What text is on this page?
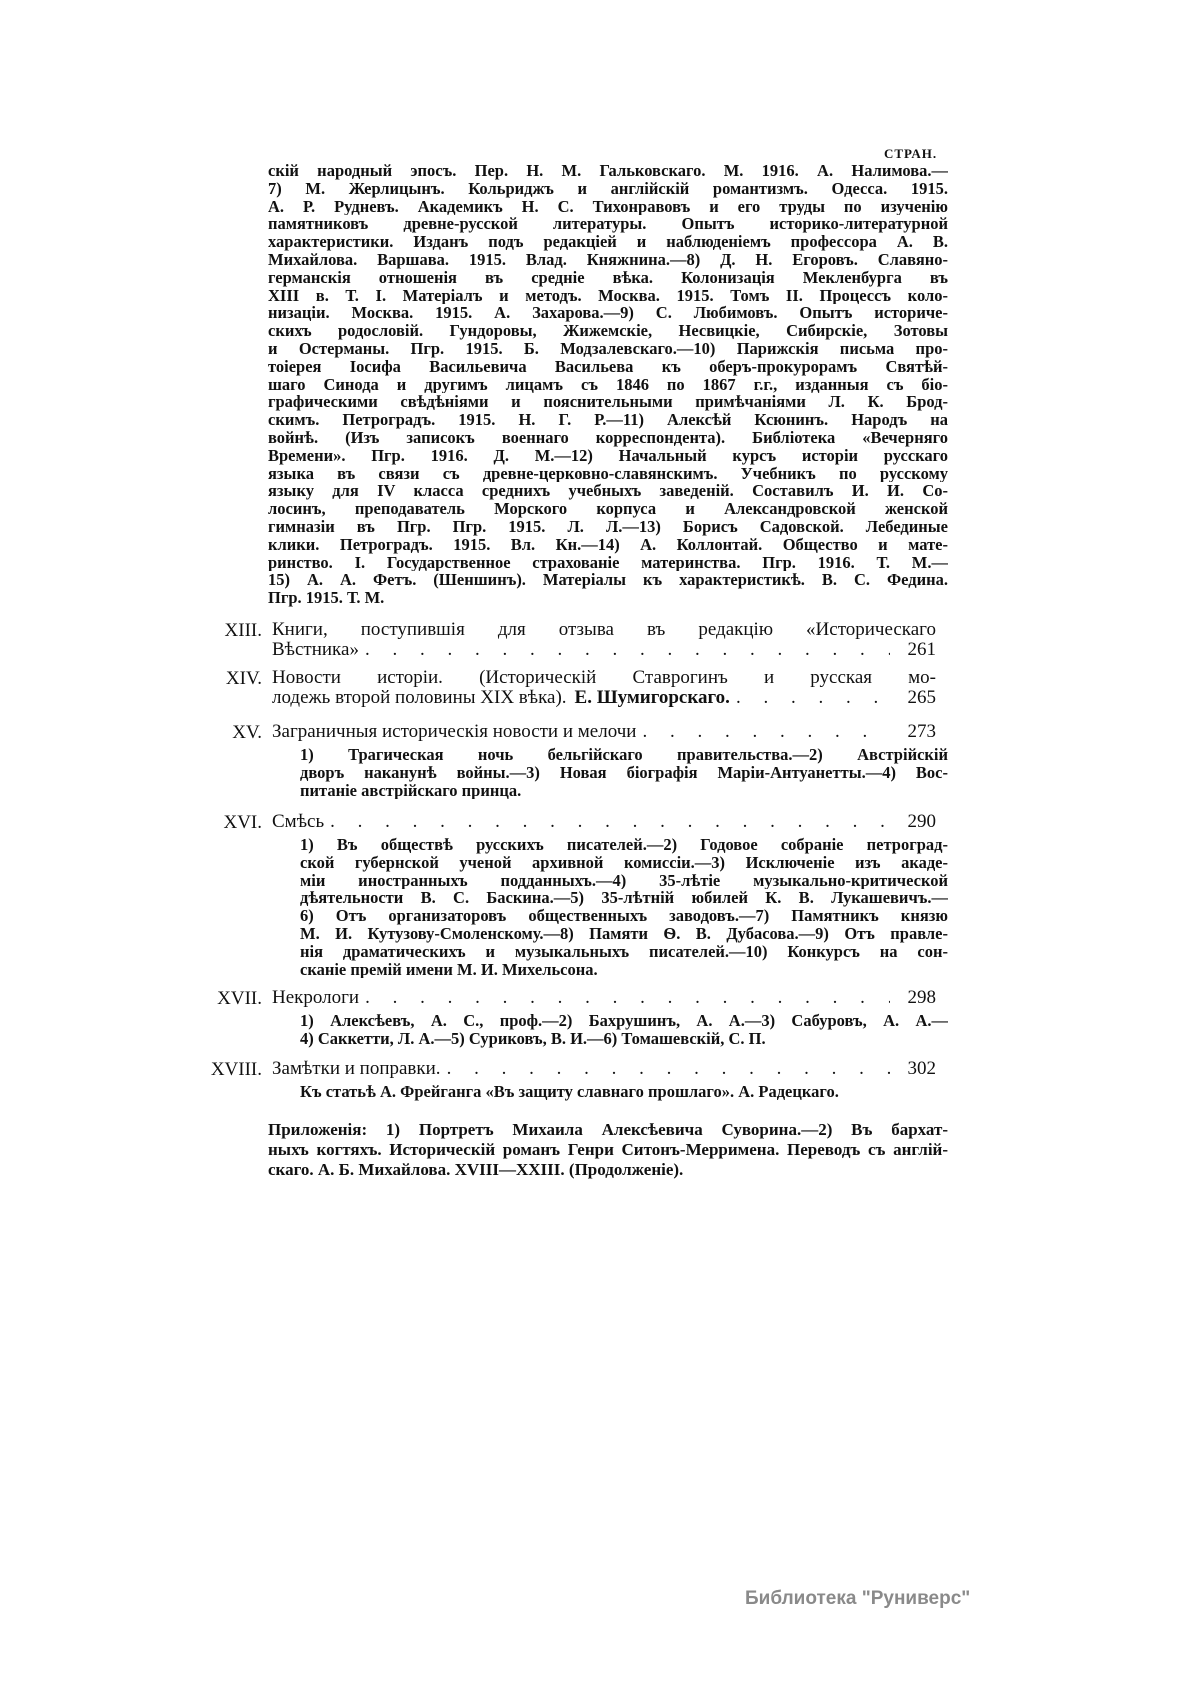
СТРАН.
скій народный эпосъ. Пер. Н. М. Гальковскаго. М. 1916. А. Налимова.—
7) М. Жерлицынъ. Кольриджъ и англійскій романтизмъ. Одесса. 1915.
А. Р. Рудневъ. Академикъ Н. С. Тихонравовъ и его труды по изученію
памятниковъ древне-русской литературы. Опытъ историко-литературной
характеристики. Изданъ подъ редакціей и наблюденіемъ профессора А. В.
Михайлова. Варшава. 1915. Влад. Княжнина.—8) Д. Н. Егоровъ. Славяно-
германскія отношенія въ средніе вѣка. Колонизація Мекленбурга въ
XIII в. Т. I. Матеріалъ и методъ. Москва. 1915. Томъ II. Процессъ коло-
низаціи. Москва. 1915. А. Захарова.—9) С. Любимовъ. Опытъ историче-
скихъ родословій. Гундоровы, Жижемскіе, Несвицкіе, Сибирскіе, Зотовы
и Остерманы. Пгр. 1915. Б. Модзалевскаго.—10) Парижскія письма про-
тоіерея Іосифа Васильевича Васильева къ оберъ-прокурорамъ Святѣй-
шаго Синода и другимъ лицамъ съ 1846 по 1867 г.г., изданныя съ біо-
графическими свѣдѣніями и пояснительными примѣчаніями Л. К. Брод-
скимъ. Петроградъ. 1915. Н. Г. Р.—11) Алексѣй Ксюнинъ. Народъ на
войнѣ. (Изъ записокъ военнаго корреспондента). Библіотека «Вечерняго
Времени». Пгр. 1916. Д. М.—12) Начальный курсъ исторіи русскаго
языка въ связи съ древне-церковно-славянскимъ. Учебникъ по русскому
языку для IV класса среднихъ учебныхъ заведеній. Составилъ И. И. Со-
лосинъ, преподаватель Морского корпуса и Александровской женской
гимназіи въ Пгр. Пгр. 1915. Л. Л.—13) Борисъ Садовской. Лебединые
клики. Петроградъ. 1915. Вл. Кн.—14) А. Коллонтай. Общество и мате-
ринство. I. Государственное страхованіе материнства. Пгр. 1916. Т. М.—
15) А. А. Фетъ. (Шеншинъ). Матеріалы къ характеристикѣ. В. С. Федина.
Пгр. 1915. Т. М.
XIII. Книги, поступившія для отзыва въ редакцію «Историческаго
Вѣстника» . . .	261
XIV. Новости исторіи. (Историческій Ставрогинъ и русская мо-
лодежь второй половины XIX вѣка). Е. Шумигорскаго. . . .	265
XV. Заграничныя историческія новости и мелочи . . .	273
1) Трагическая ночь бельгійскаго правительства.—2) Австрійскій
дворъ наканунѣ войны.—3) Новая біографія Маріи-Антуанетты.—4) Вос-
питаніе австрійскаго принца.
XVI. Смѣсь . . .	290
1) Въ обществѣ русскихъ писателей.—2) Годовое собраніе петроград-
ской губернской ученой архивной комиссіи.—3) Исключеніе изъ акаде-
міи иностранныхъ подданныхъ.—4) 35-лѣтіе музыкально-критической
дѣятельности В. С. Баскина.—5) 35-лѣтній юбилей К. В. Лукашевичъ.—
6) Отъ организаторовъ общественныхъ заводовъ.—7) Памятникъ князю
М. И. Кутузову-Смоленскому.—8) Памяти Ѳ. В. Дубасова.—9) Отъ правле-
нія драматическихъ и музыкальныхъ писателей.—10) Конкурсъ на сон-
сканіе премій имени М. И. Михельсона.
XVII. Некрологи . . .	298
1) Алексѣевъ, А. С., проф.—2) Бахрушинъ, А. А.—3) Сабуровъ, А. А.—
4) Саккетти, Л. А.—5) Суриковъ, В. И.—6) Томашевскій, С. П.
XVIII. Замѣтки и поправки. . . .	302
Къ статьѣ А. Фрейганга «Въ защиту славнаго прошлаго». А. Радецкаго.
Приложенія: 1) Портретъ Михаила Алексѣевича Суворина.—2) Въ бархат-
ныхъ когтяхъ. Историческій романъ Генри Ситонъ-Мерримена. Переводъ съ англій-
скаго. А. Б. Михайлова. XVIII—XXIII. (Продолженіе).
Библиотека "Руниверс"
